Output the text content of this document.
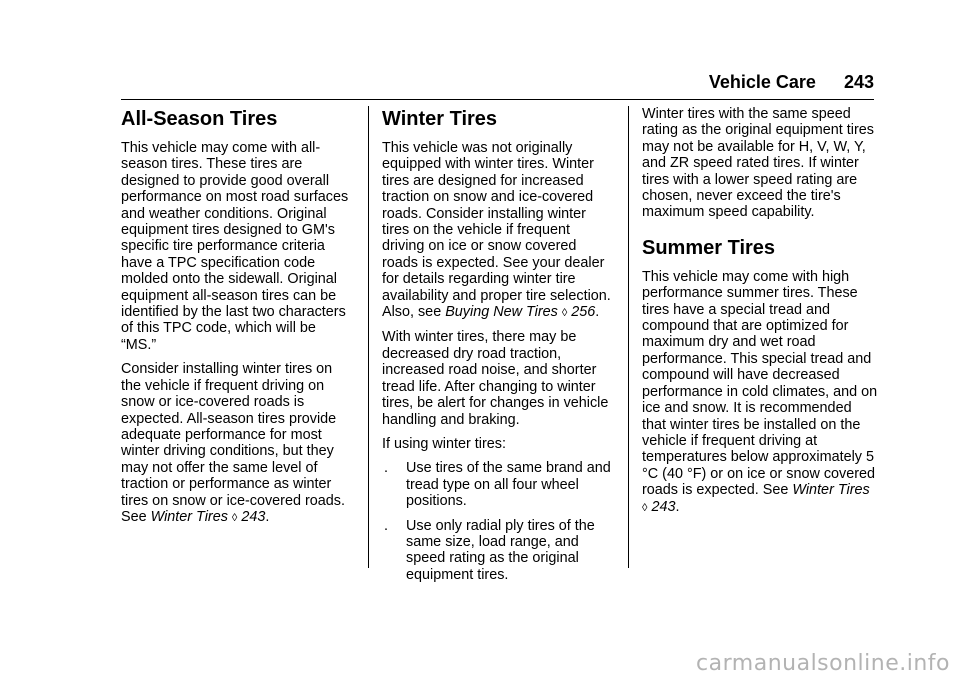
Vehicle Care 243
All-Season Tires

This vehicle may come with all-season tires. These tires are designed to provide good overall performance on most road surfaces and weather conditions. Original equipment tires designed to GM's specific tire performance criteria have a TPC specification code molded onto the sidewall. Original equipment all-season tires can be identified by the last two characters of this TPC code, which will be “MS.”

Consider installing winter tires on the vehicle if frequent driving on snow or ice-covered roads is expected. All-season tires provide adequate performance for most winter driving conditions, but they may not offer the same level of traction or performance as winter tires on snow or ice-covered roads. See Winter Tires ◊ 243.

Winter Tires

This vehicle was not originally equipped with winter tires. Winter tires are designed for increased traction on snow and ice-covered roads. Consider installing winter tires on the vehicle if frequent driving on ice or snow covered roads is expected. See your dealer for details regarding winter tire availability and proper tire selection. Also, see Buying New Tires ◊ 256.

With winter tires, there may be decreased dry road traction, increased road noise, and shorter tread life. After changing to winter tires, be alert for changes in vehicle handling and braking.

If using winter tires:

. Use tires of the same brand and tread type on all four wheel positions.
. Use only radial ply tires of the same size, load range, and speed rating as the original equipment tires.

Winter tires with the same speed rating as the original equipment tires may not be available for H, V, W, Y, and ZR speed rated tires. If winter tires with a lower speed rating are chosen, never exceed the tire's maximum speed capability.

Summer Tires

This vehicle may come with high performance summer tires. These tires have a special tread and compound that are optimized for maximum dry and wet road performance. This special tread and compound will have decreased performance in cold climates, and on ice and snow. It is recommended that winter tires be installed on the vehicle if frequent driving at temperatures below approximately 5 °C (40 °F) or on ice or snow covered roads is expected. See Winter Tires ◊ 243.

carmanualsonline.info
